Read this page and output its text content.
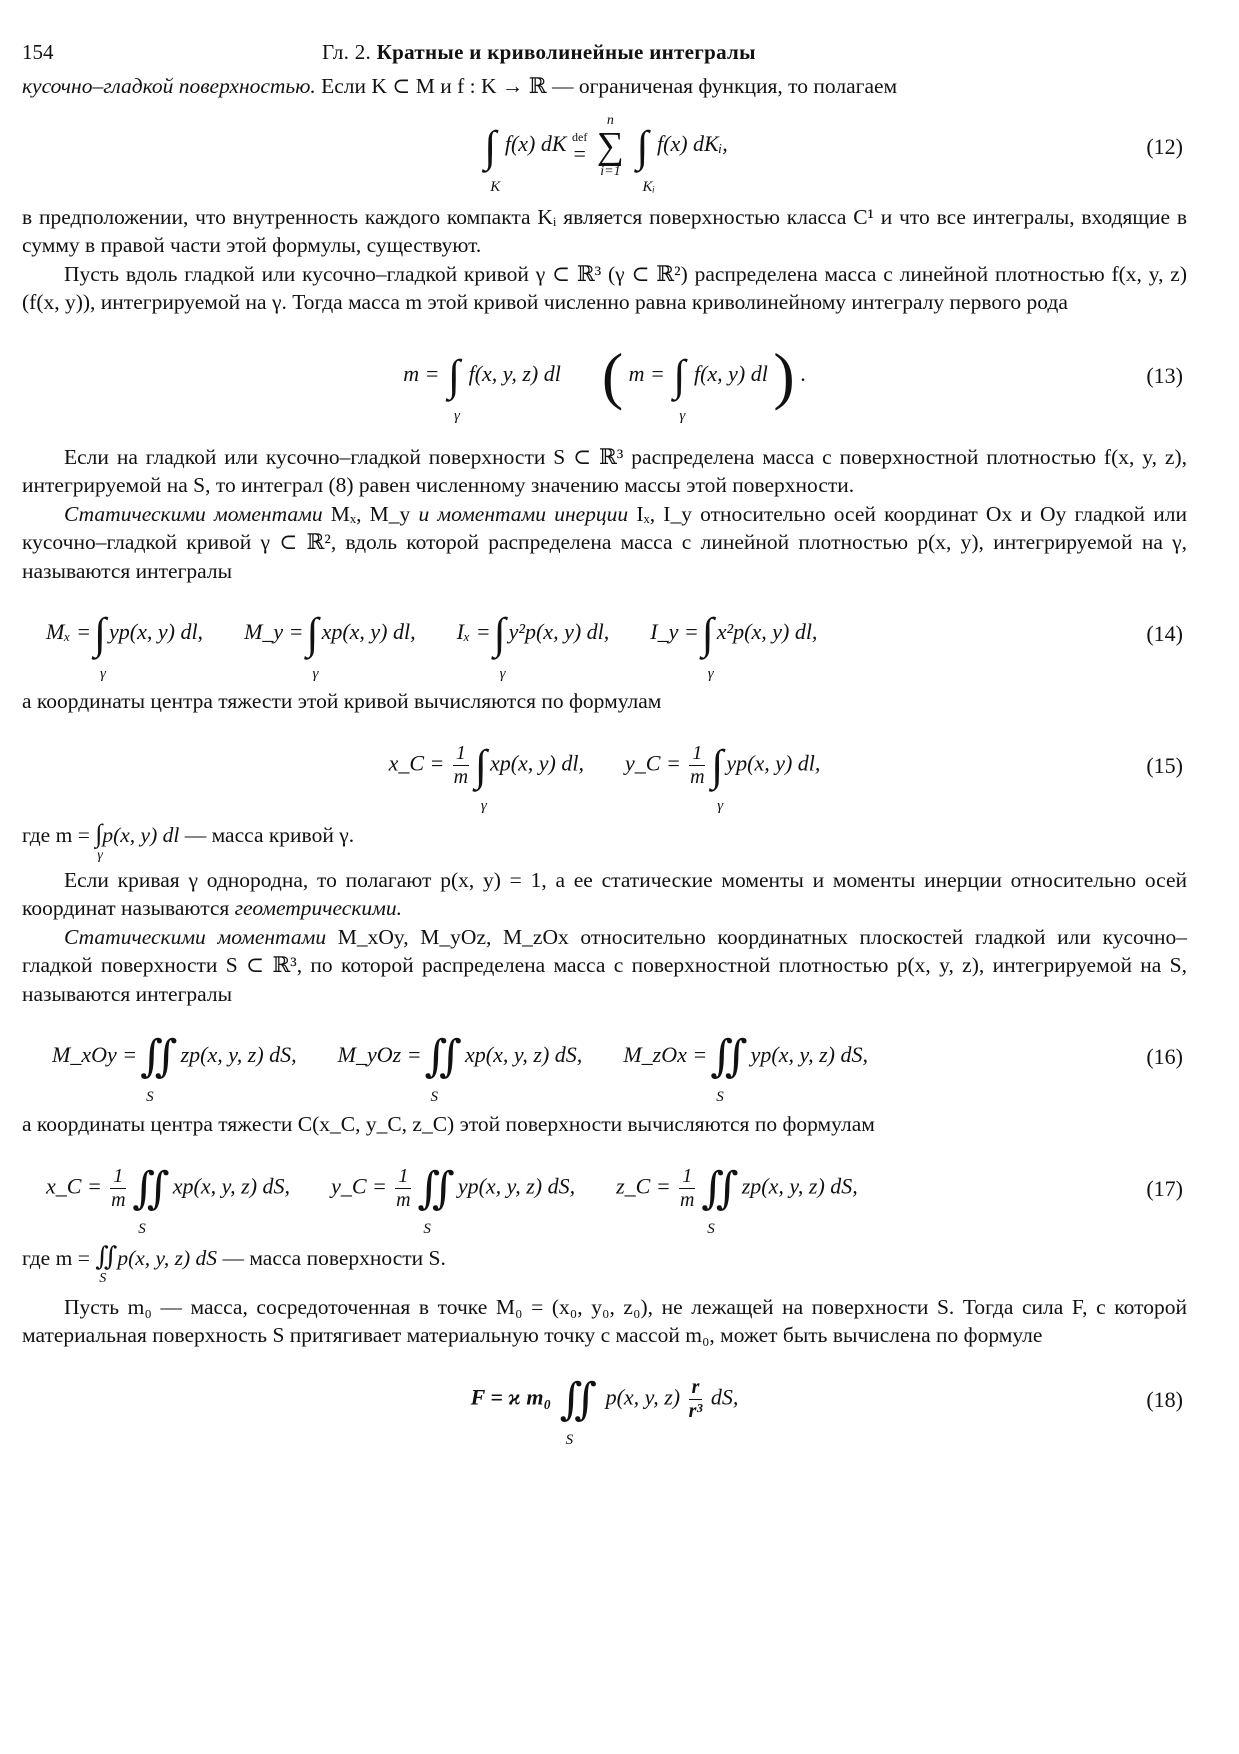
154	Гл. 2. Кратные и криволинейные интегралы

кусочно–гладкой поверхностью. Если K ⊂ M и f : K → ℝ — ограниченая функция, то полагаем

∫
K
f(x) dK def
=

n
∑
i=1
∫
Kᵢ
f(x) dKᵢ,	(12)

в предположении, что внутренность каждого компакта Kᵢ является поверхностью класса C¹ и что все интегралы, входящие в сумму в правой части этой формулы, существуют.

Пусть вдоль гладкой или кусочно–гладкой кривой γ ⊂ ℝ³ (γ ⊂ ℝ²) распределена масса с линейной плотностью f(x, y, z) (f(x, y)), интегрируемой на γ. Тогда масса m этой кривой численно равна криволинейному интегралу первого рода

m = ∫
γ
f(x, y, z) dl ( m = ∫
γ
f(x, y) dl ) .	(13)

Если на гладкой или кусочно–гладкой поверхности S ⊂ ℝ³ распределена масса с поверхностной плотностью f(x, y, z), интегрируемой на S, то интеграл (8) равен численному значению массы этой поверхности.

Статическими моментами Mₓ, M_y и моментами инерции Iₓ, I_y относительно осей координат Ox и Oy гладкой или кусочно–гладкой кривой γ ⊂ ℝ², вдоль которой распределена масса с линейной плотностью p(x, y), интегрируемой на γ, называются интегралы

Mₓ =∫
γ
yp(x, y) dl, M_y =∫
γ
xp(x, y) dl, Iₓ =∫
γ
y²p(x, y) dl, I_y =∫
γ
x²p(x, y) dl,	(14)

а координаты центра тяжести этой кривой вычисляются по формулам

x_C = $\frac{1}{m}$ ∫
γ
xp(x, y) dl, y_C = $\frac{1}{m}$ ∫
γ
yp(x, y) dl,	(15)

где m = ∫
γ
p(x, y) dl — масса кривой γ.

Если кривая γ однородна, то полагают p(x, y) = 1, а ее статические моменты и моменты инерции относительно осей координат называются геометрическими.

Статическими моментами M_xOy, M_yOz, M_zOx относительно координатных плоскостей гладкой или кусочно–гладкой поверхности S ⊂ ℝ³, по которой распределена масса с поверхностной плотностью p(x, y, z), интегрируемой на S, называются интегралы

M_xOy =∬
S
zp(x, y, z) dS, M_yOz =∬
S
xp(x, y, z) dS, M_zOx =∬
S
yp(x, y, z) dS,	(16)

а координаты центра тяжести C(x_C, y_C, z_C) этой поверхности вычисляются по формулам

x_C = $\frac{1}{m}$ ∬
S
xp(x, y, z) dS, y_C = $\frac{1}{m}$ ∬
S
yp(x, y, z) dS, z_C = $\frac{1}{m}$ ∬
S
zp(x, y, z) dS,	(17)

где m = ∬
S
p(x, y, z) dS — масса поверхности S.

Пусть m₀ — масса, сосредоточенная в точке M₀ = (x₀, y₀, z₀), не лежащей на поверхности S. Тогда сила F, с которой материальная поверхность S притягивает материальную точку с массой m₀, может быть вычислена по формуле

F = ϰ m₀ ∬
S
p(x, y, $z) \frac{r}{\text{r³}}$ dS,	(18)
